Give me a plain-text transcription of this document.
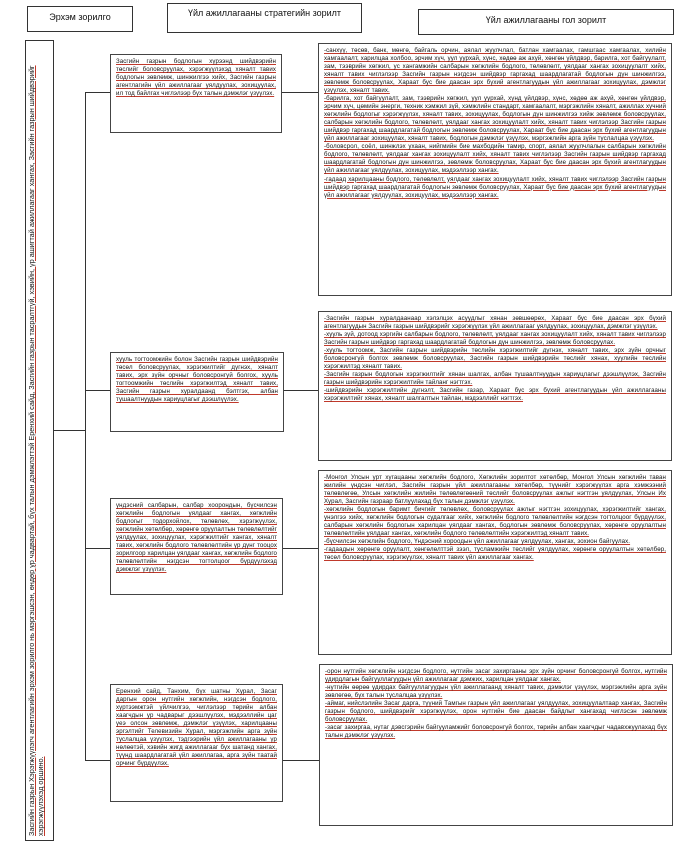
Эрхэм зорилго	Үйл ажиллагааны стратегийн зорилт
Үйл ажиллагааны гол зорилт
Засгийн газрын Хэрэгжүүлэгч агентлагийн эрхэм зорилго нь мэргэшсэн, өндөр ур чадвартай, бүх талын дэмжлэгтэй Еренхий сайд, Засгийн газрын тасралтгүй, хэвийн, үр ашигтай ажиллагааг хангах, Засгийн газрын шийдвэрийг хэрэгжүүлэхэд оршино.

Засгийн газрын бодлогын хүрээнд шийдвэрийн төслийг боловсруулах, хэрэгжүүлэхэд хяналт тавих бодлогын зөвлөмж, шинжилгээ хийх, Засгийн газрын агентлагийн үйл ажиллагааг уялдуулах, зохицуулах, ил тод байлгах чиглэлээр бүх талын дэмжлэг үзүүлэх.

хууль тогтоомжийн болон Засгийн газрын шийдвэрийн төсөл боловсруулах, хэрэгжилтийг дүгнэх, хяналт тавих, эрх зүйн орчныг боловсронгуй болгох, хууль тогтоомжийн төслийн хэрэгжилтэд хяналт тавих, Засгийн газрын хуралдаанд бэлтгэх, албан тушаалтнуудын хариуцлагыг дээшлүүлэх.

үндэсний салбарын, салбар хоорондын, бүсчилсэн хөгжлийн бодлогын уялдааг хангах, хөгжлийн бодлогыг тодорхойлох, төлөвлөх, хэрэгжүүлэх, хөгжлийн хөтөлбөр, хөрөнгө оруулалтын төлөвлөлтийг уялдуулах, зохицуулах, хэрэгжилтийг хангах, хяналт тавих, хөгжлийн бодлого төлөвлөлтийн үр дүнг тооцох зорилгоор харилцан уялдааг хангах, хөгжлийн бодлого төлөвлөлтийн нэгдсэн тогтолцоог бүрдүүлэхэд дэмжлэг үзүүлэх.

Еренхий сайд, Танхим, бүх шатны Хурал, Засаг даргын орон нутгийн хөгжлийн, нэгдсэн бодлого, хүртээмжтэй үйлчилгээ, чиглэлээр төрийн албан хаагчдын ур чадварыг дээшлүүлэх, мэдээллийн цаг үеэ олсон зөвлөмж, дэмжлэг үзүүлэх, харилцааны эргэлтийг Телевизийн Хурал, мэргэжлийн арга зүйн туслалцаа үзүүлэх, тэдгээрийн үйл ажиллагааны үр нөлөөтэй, хэвийн жигд ажиллагааг бүх шатанд хангах, түүнд шаардлагатай үйл ажиллагаа, арга зүйн таатай орчинг бүрдүүлэх.

-санхүү, төсөв, банк, мөнгө, байгаль орчин, аялал жуулчлал, батлан хамгаалах, гамшгаас хамгаалах, хилийн хамгаалалт, харилцаа холбоо, эрчим хүч, уул уурхай, хүнс, хөдөө аж ахуй, хөнгөн үйлдвэр, барилга, хот байгуулалт, зам, тээврийн хөгжил, ус хангамжийн салбарын хөгжлийн бодлого, төлөвлөлт, уялдааг хангах зохицуулалт хийх, хяналт тавих чиглэлээр Засгийн газрын нэгдсэн шийдвэр гаргахад шаардлагатай бодлогын дүн шинжилгээ, зөвлөмж боловсруулах, Хараат бус бие даасан эрх бүхий агентлагуудын үйл ажиллагааг зохицуулах, дэмжлэг үзүүлэх, хяналт тавих.

-барилга, хот байгуулалт, зам, тээврийн хөгжил, уул уурхай, хүнд үйлдвэр, хүнс, хөдөө аж ахуй, хөнгөн үйлдвэр, эрчим хүч, цөмийн энерги, техник хэмжил зүй, хэмжлийн стандарт, хамгаалалт, мэргэжлийн хяналт, ажиллах хүчний хөгжлийн бодлогыг хэрэгжүүлэх, хяналт тавих, зохицуулах, бодлогын дүн шинжилгээ хийж зөвлөмж боловсруулах, салбарын хөгжлийн бодлого, төлөвлөлт, уялдааг хангах зохицуулалт хийх, хяналт тавих чиглэлээр Засгийн газрын шийдвэр гаргахад шаардлагатай бодлогын зөвлөмж боловсруулах, Хараат бус бие даасан эрх бүхий агентлагуудын үйл ажиллагааг зохицуулах, хяналт тавих, бодлогын дэмжлэг үзүүлэх, мэргэжлийн арга зүйн туслалцаа үзүүлэх.

-боловсрол, соёл, шинжлэх ухаан, нийгмийн бие махбодийн тамир, спорт, аялал жуулчлалын салбарын хөгжлийн бодлого, төлөвлөлт, уялдааг хангах зохицуулалт хийх, хяналт тавих чиглэлээр Засгийн газрын шийдвэр гаргахад шаардлагатай бодлогын дүн шинжилгээ, зөвлөмж боловсруулах, Хараат бус бие даасан эрх бүхий агентлагуудын үйл ажиллагааг уялдуулах, зохицуулах, мэдээллээр хангах.

-гадаад харилцааны бодлого, төлөвлөлт, уялдааг хангах зохицуулалт хийх, хяналт тавих чиглэлээр Засгийн газрын шийдвэр гаргахад шаардлагатай бодлогын зөвлөмж боловсруулах, Хараат бус бие даасан эрх бүхий агентлагуудын үйл ажиллагааг уялдуулах, зохицуулах, мэдээллээр хангах.

-Засгийн газрын хуралдаанаар хэлэлцэх асуудлыг хянан зөвшөөрөх, Хараат бус бие даасан эрх бүхий агентлагуудын Засгийн газрын шийдвэрийг хэрэгжүүлэх үйл ажиллагааг уялдуулах, зохицуулах, дэмжлэг үзүүлэх.

-хууль зүй, дотоод хэргийн салбарын бодлого, төлөвлөлт, уялдааг хангах зохицуулалт хийх, хяналт тавих чиглэлээр Засгийн газрын шийдвэр гаргахад шаардлагатай бодлогын дүн шинжилгээ, зөвлөмж боловсруулах.

-хууль тогтоомж, Засгийн газрын шийдвэрийн төслийн хэрэгжилтийг дүгнэх, хяналт тавих, эрх зүйн орчныг боловсронгуй болгох зөвлөмж боловсруулах, Засгийн газрын шийдвэрийн төслийг хянах, хуулийн төслийн хэрэгжилтэд хяналт тавих.

-Засгийн газрын бодлогын хэрэгжилтийг хянан шалгах, албан тушаалтнуудын хариуцлагыг дээшлүүлэх, Засгийн газрын шийдвэрийн хэрэгжилтийн тайланг нэгтгэх.

-шийдвэрийн хэрэгжилтийн дүгнэлт, Засгийн газар, Хараат бус эрх бүхий агентлагуудын үйл ажиллагааны хэрэгжилтийг хянах, хяналт шалгалтын тайлан, мэдээллийг нэгтгэх.

-Монгол Улсын урт хугацааны хөгжлийн бодлого, Хөгжлийн зорилтот хөтөлбөр, Монгол Улсын хөгжлийн таван жилийн үндсэн чиглэл, Засгийн газрын үйл ажиллагааны хөтөлбөр, түүнийг хэрэгжүүлэх арга хэмжээний төлөвлөгөө, Улсын хөгжлийн жилийн төлөвлөгөөний төслийг боловсруулах ажлыг нэгтгэн уялдуулах, Улсын Их Хурал, Засгийн газраар батлуулахад бүх талын дэмжлэг үзүүлэх.

-хөгжлийн бодлогын баримт бичгийг төлөвлөх, боловсруулах ажлыг нэгтгэн зохицуулах, хэрэгжилтийг хангах, үнэлгээ хийх, хөгжлийн бодлогын судалгааг хийх, хөгжлийн бодлого төлөвлөлтийн нэгдсэн тогтолцоог бүрдүүлэх, салбарын хөгжлийн бодлогын харилцан уялдааг хангах, бодлогын зөвлөмж боловсруулах, хөрөнгө оруулалтын төлөвлөлтийн уялдааг хангах, хөгжлийн бодлого төлөвлөлтийн хэрэгжилтэд хяналт тавих.

-бүсчилсэн хөгжлийн бодлого, Үндэсний хороодын үйл ажиллагааг уялдуулах, хангах, зохион байгуулах.

-гадаадын хөрөнгө оруулалт, хөнгөлөлттэй зээл, тусламжийн төслийг уялдуулах, хөрөнгө оруулалтын хөтөлбөр, төсөл боловсруулах, хэрэгжүүлэх, хяналт тавих үйл ажиллагааг хангах.

-орон нутгийн хөгжлийн нэгдсэн бодлого, нутгийн засаг захиргааны эрх зүйн орчинг боловсронгуй болгох, нутгийн удирдлагын байгууллагуудын үйл ажиллагааг дэмжих, харилцан уялдааг хангах.

-нутгийн өөрөө удирдах байгууллагуудын үйл ажиллагаанд хяналт тавих, дэмжлэг үзүүлэх, мэргэжлийн арга зүйн зөвлөгөө, бүх талын туслалцаа үзүүлэх.

-аймаг, нийслэлийн Засаг дарга, түүний Тамгын газрын үйл ажиллагааг уялдуулах, зохицуулалтаар хангах, Засгийн газрын бодлого, шийдвэрийг хэрэгжүүлэх, орон нутгийн бие даасан байдлыг хангахад чиглэсэн зөвлөмж боловсруулах.

-засаг захиргаа, нутаг дэвсгэрийн байгууламжийг боловсронгуй болгох, төрийн албан хаагчдыг чадавхжуулахад бүх талын дэмжлэг үзүүлэх.
